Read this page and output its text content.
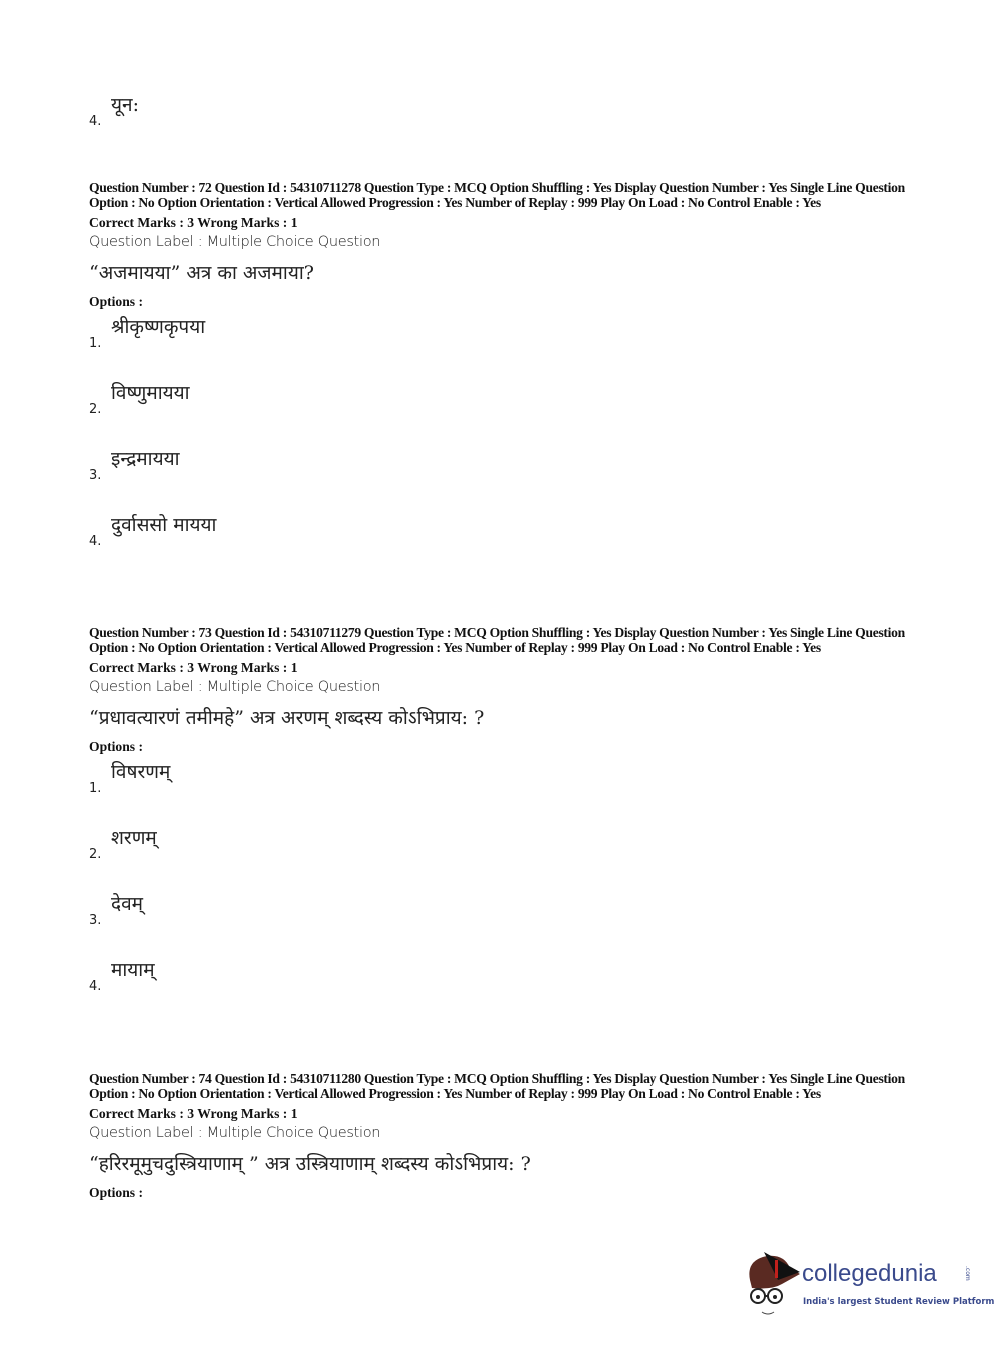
4.
यून:
Question Number : 72 Question Id : 54310711278 Question Type : MCQ Option Shuffling : Yes Display Question Number : Yes Single Line Question Option : No Option Orientation : Vertical Allowed Progression : Yes Number of Replay : 999 Play On Load : No Control Enable : Yes
Correct Marks : 3 Wrong Marks : 1
Question Label : Multiple Choice Question
“अजमायया” अत्र का अजमाया?
Options :
श्रीकृष्णकृपया
1.
विष्णुमायया
2.
इन्द्रमायया
3.
दुर्वाससो मायया
4.
Question Number : 73 Question Id : 54310711279 Question Type : MCQ Option Shuffling : Yes Display Question Number : Yes Single Line Question Option : No Option Orientation : Vertical Allowed Progression : Yes Number of Replay : 999 Play On Load : No Control Enable : Yes
Correct Marks : 3 Wrong Marks : 1
Question Label : Multiple Choice Question
“प्रधावत्यारणं तमीमहे” अत्र अरणम् शब्दस्य कोऽभिप्राय: ?
Options :
विषरणम्
1.
शरणम्
2.
देवम्
3.
मायाम्
4.
Question Number : 74 Question Id : 54310711280 Question Type : MCQ Option Shuffling : Yes Display Question Number : Yes Single Line Question Option : No Option Orientation : Vertical Allowed Progression : Yes Number of Replay : 999 Play On Load : No Control Enable : Yes
Correct Marks : 3 Wrong Marks : 1
Question Label : Multiple Choice Question
“हरिरमूमुचदुस्त्रियाणाम् ” अत्र उस्त्रियाणाम् शब्दस्य कोऽभिप्राय: ?
Options :
collegedunia	.com
India's largest Student Review Platform
